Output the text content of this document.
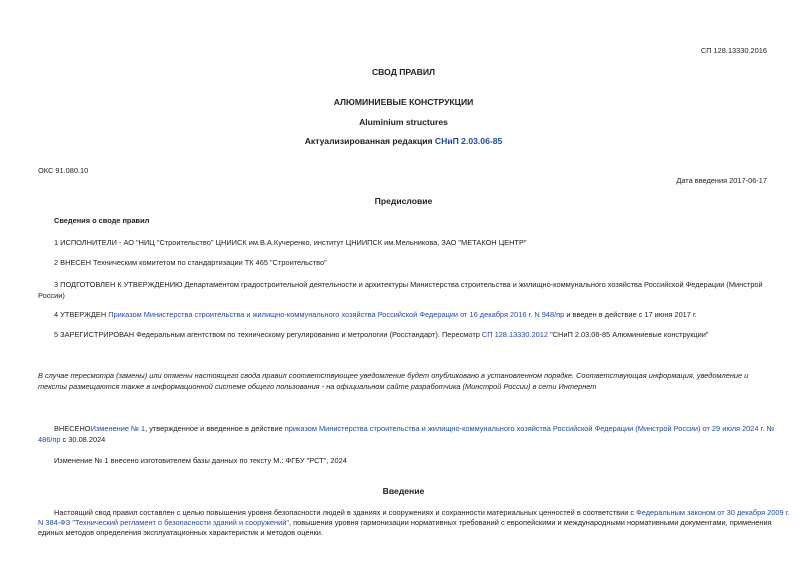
СП 128.13330.2016
СВОД ПРАВИЛ
АЛЮМИНИЕВЫЕ КОНСТРУКЦИИ
Aluminium structures
Актуализированная редакция СНиП 2.03.06-85
ОКС 91.080.10
Дата введения 2017-06-17
Предисловие
Сведения о своде правил
1 ИСПОЛНИТЕЛИ - АО "НИЦ "Строительство" ЦНИИСК им.В.А.Кучеренко, институт ЦНИИПСК им.Мельникова, ЗАО "МЕТАКОН ЦЕНТР"
2 ВНЕСЕН Техническим комитетом по стандартизации ТК 465 "Строительство"
3 ПОДГОТОВЛЕН К УТВЕРЖДЕНИЮ Департаментом градостроительной деятельности и архитектуры Министерства строительства и жилищно-коммунального хозяйства Российской Федерации (Минстрой
России)
4 УТВЕРЖДЕН Приказом Министерства строительства и жилищно-коммунального хозяйства Российской Федерации от 16 декабря 2016 г. N 948/пр и введен в действие с 17 июня 2017 г.
5 ЗАРЕГИСТРИРОВАН Федеральным агентством по техническому регулированию и метрологии (Росстандарт). Пересмотр СП 128.13330.2012 "СНиП 2.03.06-85 Алюминиевые конструкции"
В случае пересмотра (замены) или отмены настоящего свода правил соответствующее уведомление будет опубликовано в установленном порядке. Соответствующая информация, уведомление и
тексты размещаются также в информационной системе общего пользования - на официальном сайте разработчика (Минстрой России) в сети Интернет
ВНЕСЕНОИзменение № 1, утвержденное и введенное в действие приказом Министерства строительства и жилищно-коммунального хозяйства Российской Федерации (Минстрой России) от 29 июля 2024 г. №
486/пр с 30.08.2024
Изменение № 1 внесено изготовителем базы данных по тексту М.: ФГБУ "РСТ", 2024
Введение
Настоящий свод правил составлен с целью повышения уровня безопасности людей в зданиях и сооружениях и сохранности материальных ценностей в соответствии с Федеральным законом от 30 декабря 2009 г.
N 384-ФЗ "Технический регламент о безопасности зданий и сооружений", повышения уровня гармонизации нормативных требований с европейскими и международными нормативными документами, применения
единых методов определения эксплуатационных характеристик и методов оценки.
